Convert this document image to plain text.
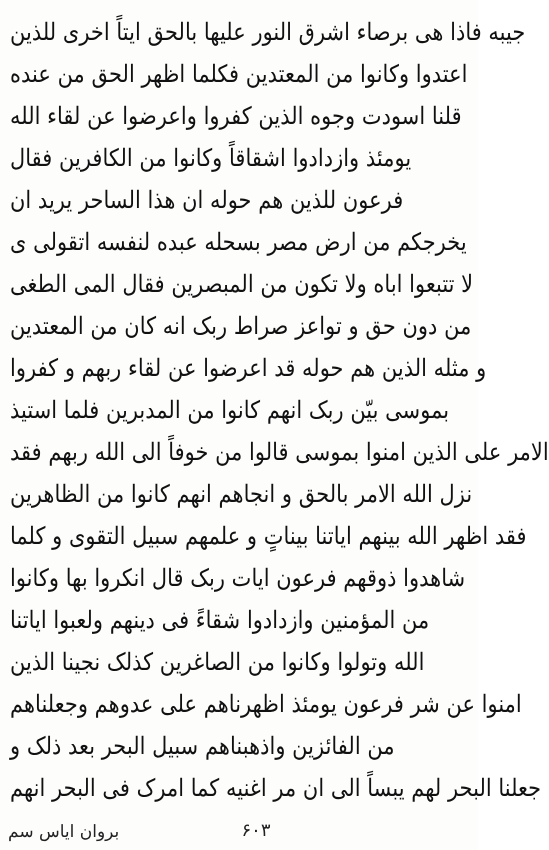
جیبه فاذا هی برصاء اشرق النور علیها بالحق ایتاً اخری للذین
اعتدوا وکانوا من المعتدین فکلما اظهر الحق من عنده
قلنا اسودت وجوه الذین کفروا واعرضوا عن لقاء الله
یومئذ وازدادوا اشقاقاً وکانوا من الکافرین فقال
فرعون للذین هم حوله ان هذا الساحر یرید ان
یخرجکم من ارض مصر بسحله عبده لنفسه اتقولی ی
لا تتبعوا اباه ولا تکون من المبصرین فقال المی الطغی
من دون حق و تواعز صراط ربک انه کان من المعتدین
و مثله الذین هم حوله قد اعرضوا عن لقاء ربهم و کفروا
بموسی بیّن ربک انهم کانوا من المدبرین فلما استیذ
الامر علی الذین امنوا بموسی قالوا من خوفاً الی الله ربهم فقد
نزل الله الامر بالحق و انجاهم انهم کانوا من الظاهرین
فقد اظهر الله بینهم ایاتنا بیناتٍ و علمهم سبیل التقوی و کلما
شاهدوا ذوقهم فرعون ایات ربک قال انکروا بها وکانوا
من المؤمنین وازدادوا شقاءً فی دینهم ولعبوا ایاتنا
الله وتولوا وکانوا من الصاغرین کذلک نجینا الذین
امنوا عن شر فرعون یومئذ اظهرناهم علی عدوهم وجعلناهم
من الفائزین واذهبناهم سبیل البحر بعد ذلک و
جعلنا البحر لهم یبساً الی ان مر اغنیه کما امرک فی البحر انهم
بروان ایاس سم	۶۰۳
